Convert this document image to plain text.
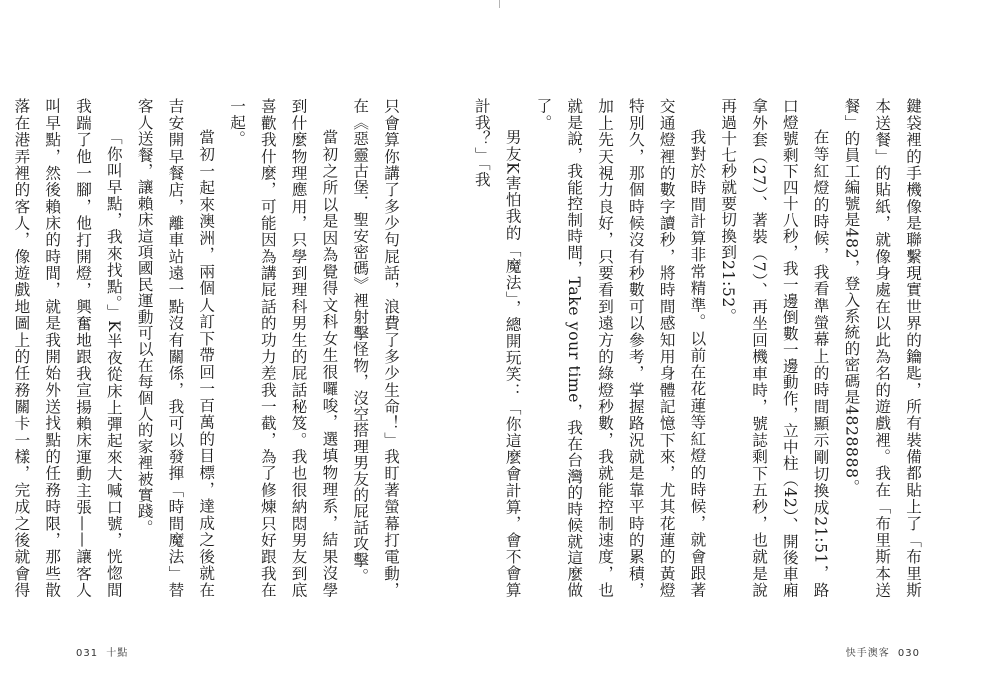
只會算你講了多少句屁話，浪費了多少生命！」我盯著螢幕打電動，在《惡靈古堡．聖安密碼》裡射擊怪物，沒空搭理男友的屁話攻擊。

當初之所以是因為覺得文科女生很囉唆，選填物理系，結果沒學到什麼物理應用，只學到理科男生的屁話秘笈。我也很納悶男友到底喜歡我什麼，可能因為講屁話的功力差我一截，為了修煉只好跟我在一起。

當初一起來澳洲，兩個人訂下帶回一百萬的目標，達成之後就在吉安開早餐店，離車站遠一點沒有關係，我可以發揮「時間魔法」替客人送餐，讓賴床這項國民運動可以在每個人的家裡被實踐。

「你叫早點，我來找點。」K半夜從床上彈起來大喊口號，恍惚間我踹了他一腳，他打開燈，興奮地跟我宣揚賴床運動主張——讓客人叫早點，然後賴床的時間，就是我開始外送找點的任務時限，那些散落在港弄裡的客人，像遊戲地圖上的任務關卡一樣，完成之後就會得

031 十點

鍵袋裡的手機像是聯繫現實世界的鑰匙，所有裝備都貼上了「布里斯本送餐」的貼紙，就像身處在以此為名的遊戲裡。我在「布里斯本送餐」的員工編號是482，登入系統的密碼是4828888。

在等紅燈的時候，我看準螢幕上的時間顯示剛切換成21:51，路口燈號剩下四十八秒，我一邊倒數一邊動作，立中柱（42）、開後車廂拿外套（27）、著裝（7）、再坐回機車時，號誌剩下五秒，也就是說再過十七秒就要切換到21:52。

我對於時間計算非常精準。以前在花蓮等紅燈的時候，就會跟著交通燈裡的數字讀秒，將時間感知用身體記憶下來，尤其花蓮的黃燈特別久，那個時候沒有秒數可以參考，掌握路況就是靠平時的累積，加上先天視力良好，只要看到遠方的綠燈秒數，我就能控制速度，也就是說，我能控制時間，Take your time，我在台灣的時候就這麼做了。

男友K害怕我的「魔法」，總開玩笑：「你這麼會計算，會不會算計我？」「我

快手澳客 030
